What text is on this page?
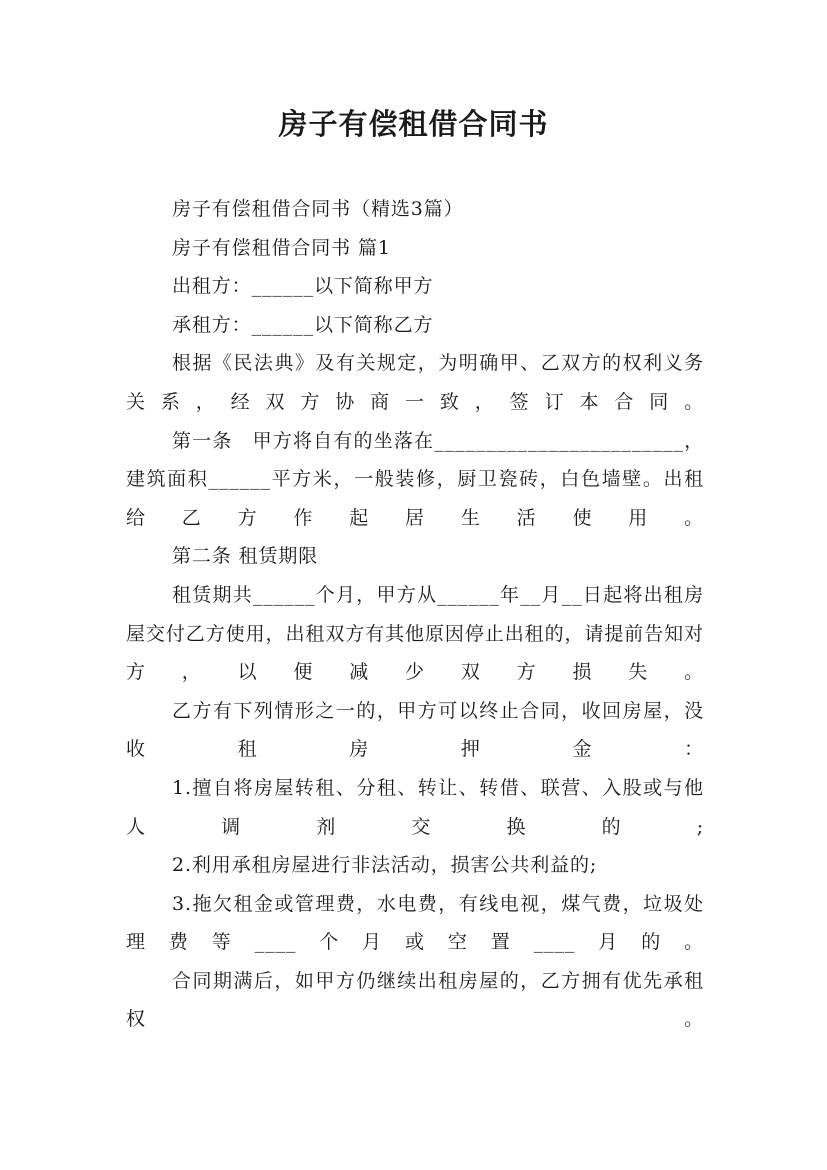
房子有偿租借合同书

房子有偿租借合同书（精选3篇）

房子有偿租借合同书 篇1

出租方：______以下简称甲方

承租方：______以下简称乙方

根据《民法典》及有关规定，为明确甲、乙双方的权利义务关系，经双方协商一致，签订本合同。

第一条　甲方将自有的坐落在________________________，建筑面积______平方米，一般装修，厨卫瓷砖，白色墙壁。出租给乙方作起居生活使用。

第二条 租赁期限

租赁期共______个月，甲方从______年__月__日起将出租房屋交付乙方使用，出租双方有其他原因停止出租的，请提前告知对方，以便减少双方损失。

乙方有下列情形之一的，甲方可以终止合同，收回房屋，没收租房押金：

1.擅自将房屋转租、分租、转让、转借、联营、入股或与他人调剂交换的;

2.利用承租房屋进行非法活动，损害公共利益的;

3.拖欠租金或管理费，水电费，有线电视，煤气费，垃圾处理费等____个月或空置____月的。

合同期满后，如甲方仍继续出租房屋的，乙方拥有优先承租权。
